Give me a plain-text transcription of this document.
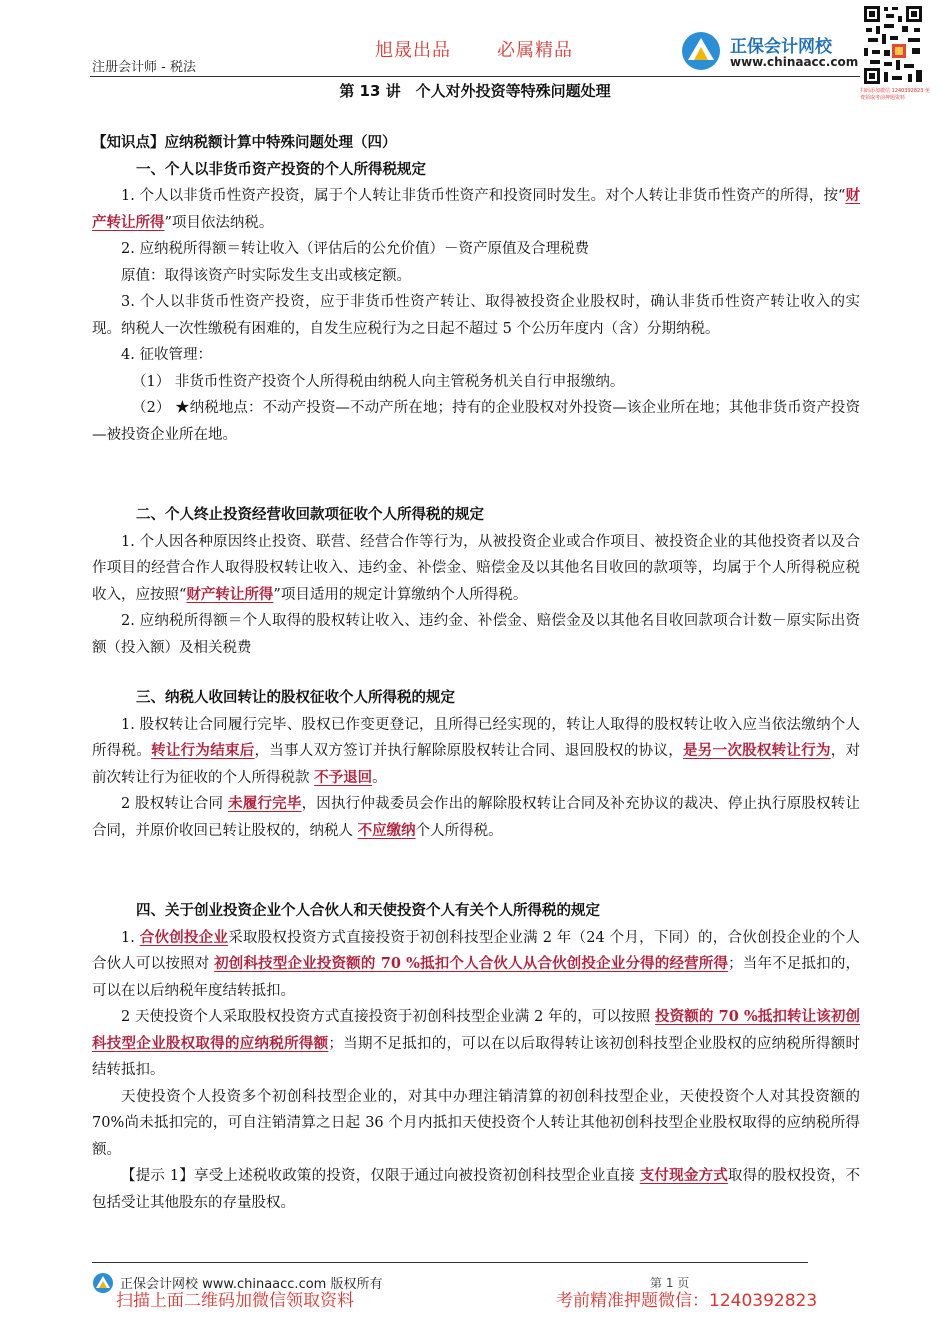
旭晟出品	必属精品
注册会计师 - 税法
正保会计网校
www.chinaacc.com
扫码添加微信 1240392823 免费领取考前押题资料
第 13 讲　个人对外投资等特殊问题处理

【知识点】应纳税额计算中特殊问题处理（四）

一、个人以非货币资产投资的个人所得税规定

1. 个人以非货币性资产投资，属于个人转让非货币性资产和投资同时发生。对个人转让非货币性资产的所得，按“财产转让所得”项目依法纳税。

2. 应纳税所得额＝转让收入（评估后的公允价值）－资产原值及合理税费

原值：取得该资产时实际发生支出或核定额。

3. 个人以非货币性资产投资，应于非货币性资产转让、取得被投资企业股权时，确认非货币性资产转让收入的实现。纳税人一次性缴税有困难的，自发生应税行为之日起不超过 5 个公历年度内（含）分期纳税。

4. 征收管理：

（1） 非货币性资产投资个人所得税由纳税人向主管税务机关自行申报缴纳。

（2） ★纳税地点：不动产投资—不动产所在地；持有的企业股权对外投资—该企业所在地；其他非货币资产投资—被投资企业所在地。

二、个人终止投资经营收回款项征收个人所得税的规定

1. 个人因各种原因终止投资、联营、经营合作等行为，从被投资企业或合作项目、被投资企业的其他投资者以及合作项目的经营合作人取得股权转让收入、违约金、补偿金、赔偿金及以其他名目收回的款项等，均属于个人所得税应税收入，应按照“财产转让所得”项目适用的规定计算缴纳个人所得税。

2. 应纳税所得额＝个人取得的股权转让收入、违约金、补偿金、赔偿金及以其他名目收回款项合计数－原实际出资额（投入额）及相关税费

三、纳税人收回转让的股权征收个人所得税的规定

1. 股权转让合同履行完毕、股权已作变更登记，且所得已经实现的，转让人取得的股权转让收入应当依法缴纳个人所得税。转让行为结束后，当事人双方签订并执行解除原股权转让合同、退回股权的协议，是另一次股权转让行为，对前次转让行为征收的个人所得税款 不予退回。

2 股权转让合同 未履行完毕，因执行仲裁委员会作出的解除股权转让合同及补充协议的裁决、停止执行原股权转让合同，并原价收回已转让股权的，纳税人 不应缴纳个人所得税。

四、关于创业投资企业个人合伙人和天使投资个人有关个人所得税的规定

1. 合伙创投企业采取股权投资方式直接投资于初创科技型企业满 2 年（24 个月，下同）的，合伙创投企业的个人合伙人可以按照对 初创科技型企业投资额的 70 %抵扣个人合伙人从合伙创投企业分得的经营所得；当年不足抵扣的，可以在以后纳税年度结转抵扣。

2 天使投资个人采取股权投资方式直接投资于初创科技型企业满 2 年的，可以按照 投资额的 70 %抵扣转让该初创科技型企业股权取得的应纳税所得额；当期不足抵扣的，可以在以后取得转让该初创科技型企业股权的应纳税所得额时结转抵扣。

天使投资个人投资多个初创科技型企业的，对其中办理注销清算的初创科技型企业，天使投资个人对其投资额的 70%尚未抵扣完的，可自注销清算之日起 36 个月内抵扣天使投资个人转让其他初创科技型企业股权取得的应纳税所得额。

【提示 1】享受上述税收政策的投资，仅限于通过向被投资初创科技型企业直接 支付现金方式取得的股权投资，不包括受让其他股东的存量股权。

正保会计网校 www.chinaacc.com 版权所有	第 1 页
扫描上面二维码加微信领取资料	考前精准押题微信：1240392823
